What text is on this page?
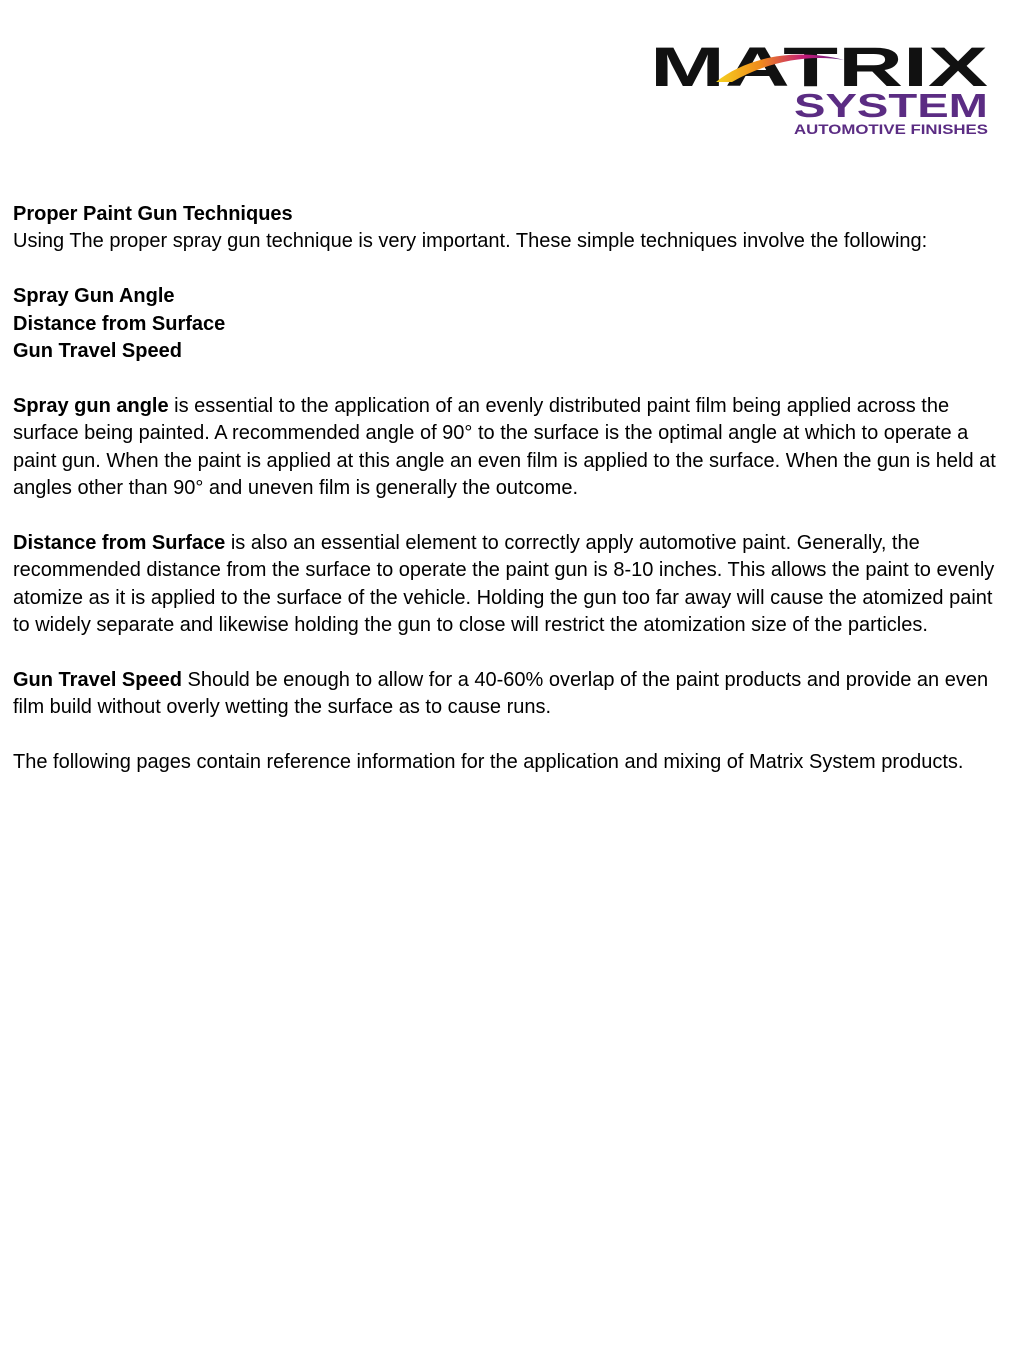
MATRIX
SYSTEM
AUTOMOTIVE FINISHES

Proper Paint Gun Techniques

Using The proper spray gun technique is very important. These simple techniques involve the following:

Spray Gun Angle

Distance from Surface

Gun Travel Speed

Spray gun angle is essential to the application of an evenly distributed paint film being applied across the surface being painted. A recommended angle of 90° to the surface is the optimal angle at which to operate a paint gun. When the paint is applied at this angle an even film is applied to the surface. When the gun is held at angles other than 90° and uneven film is generally the outcome.

Distance from Surface is also an essential element to correctly apply automotive paint. Generally, the recommended distance from the surface to operate the paint gun is 8-10 inches. This allows the paint to evenly atomize as it is applied to the surface of the vehicle. Holding the gun too far away will cause the atomized paint to widely separate and likewise holding the gun to close will restrict the atomization size of the particles.

Gun Travel Speed Should be enough to allow for a 40-60% overlap of the paint products and provide an even film build without overly wetting the surface as to cause runs.

The following pages contain reference information for the application and mixing of Matrix System products.
